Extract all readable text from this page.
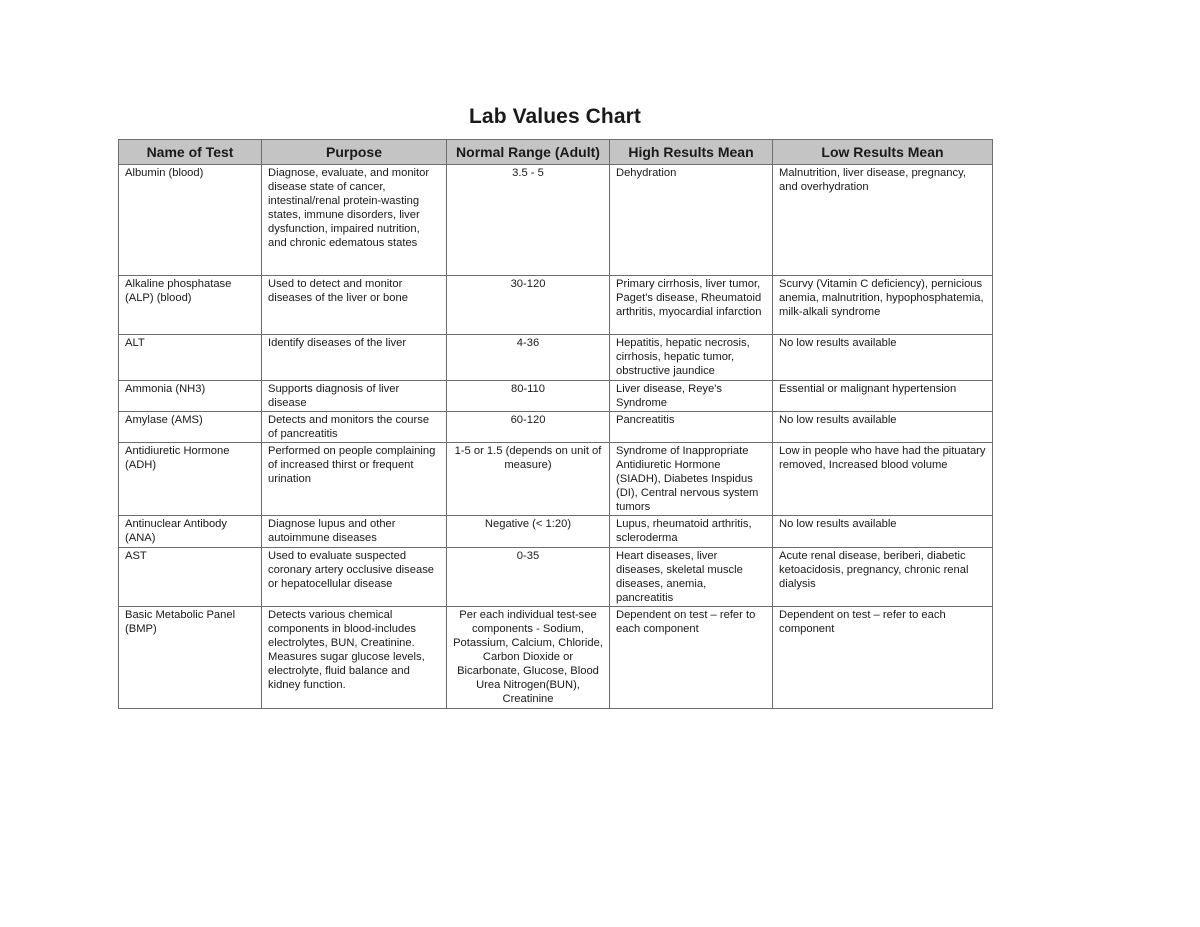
Lab Values Chart
Name of Test	Purpose	Normal Range (Adult)	High Results Mean	Low Results Mean
Albumin (blood)	Diagnose, evaluate, and monitor disease state of cancer, intestinal/renal protein-wasting states, immune disorders, liver dysfunction, impaired nutrition, and chronic edematous states	3.5 - 5	Dehydration	Malnutrition, liver disease, pregnancy, and overhydration
Alkaline phosphatase (ALP) (blood)	Used to detect and monitor diseases of the liver or bone	30-120	Primary cirrhosis, liver tumor, Paget's disease, Rheumatoid arthritis, myocardial infarction	Scurvy (Vitamin C deficiency), pernicious anemia, malnutrition, hypophosphatemia, milk-alkali syndrome
ALT	Identify diseases of the liver	4-36	Hepatitis, hepatic necrosis, cirrhosis, hepatic tumor, obstructive jaundice	No low results available
Ammonia (NH3)	Supports diagnosis of liver disease	80-110	Liver disease, Reye's Syndrome	Essential or malignant hypertension
Amylase (AMS)	Detects and monitors the course of pancreatitis	60-120	Pancreatitis	No low results available
Antidiuretic Hormone (ADH)	Performed on people complaining of increased thirst or frequent urination	1-5 or 1.5 (depends on unit of measure)	Syndrome of Inappropriate Antidiuretic Hormone (SIADH), Diabetes Inspidus (DI), Central nervous system tumors	Low in people who have had the pituatary removed, Increased blood volume
Antinuclear Antibody (ANA)	Diagnose lupus and other autoimmune diseases	Negative (< 1:20)	Lupus, rheumatoid arthritis, scleroderma	No low results available
AST	Used to evaluate suspected coronary artery occlusive disease or hepatocellular disease	0-35	Heart diseases, liver diseases, skeletal muscle diseases, anemia, pancreatitis	Acute renal disease, beriberi, diabetic ketoacidosis, pregnancy, chronic renal dialysis
Basic Metabolic Panel (BMP)	Detects various chemical components in blood-includes electrolytes, BUN, Creatinine. Measures sugar glucose levels, electrolyte, fluid balance and kidney function.	Per each individual test-see components - Sodium, Potassium, Calcium, Chloride, Carbon Dioxide or Bicarbonate, Glucose, Blood Urea Nitrogen(BUN), Creatinine	Dependent on test – refer to each component	Dependent on test – refer to each component
